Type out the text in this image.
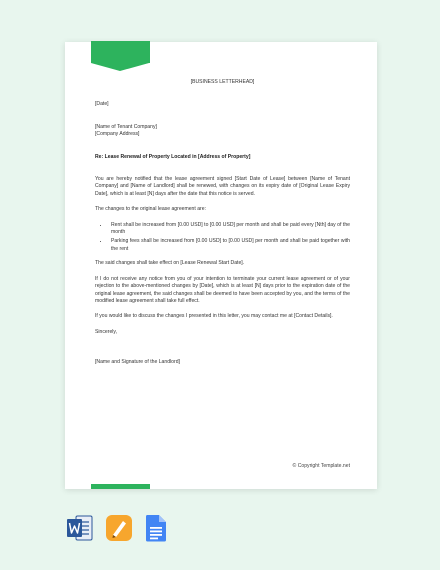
[BUSINESS LETTERHEAD]

[Date]

[Name of Tenant Company]

[Company Address]

Re: Lease Renewal of Property Located in [Address of Property]

You are hereby notified that the lease agreement signed [Start Date of Lease] between [Name of Tenant Company] and [Name of Landlord] shall be renewed, with changes on its expiry date of [Original Lease Expiry Date], which is at least [N] days after the date that this notice is served.

The changes to the original lease agreement are:

• Rent shall be increased from [0.00 USD] to [0.00 USD] per month and shall be paid every [Nth] day of the month
• Parking fees shall be increased from [0.00 USD] to [0.00 USD] per month and shall be paid together with the rent

The said changes shall take effect on [Lease Renewal Start Date].

If I do not receive any notice from you of your intention to terminate your current lease agreement or of your rejection to the above-mentioned changes by [Date], which is at least [N] days prior to the expiration date of the original lease agreement, the said changes shall be deemed to have been accepted by you, and the terms of the modified lease agreement shall take full effect.

If you would like to discuss the changes I presented in this letter, you may contact me at [Contact Details].

Sincerely,

[Name and Signature of the Landlord]

© Copyright Template.net
